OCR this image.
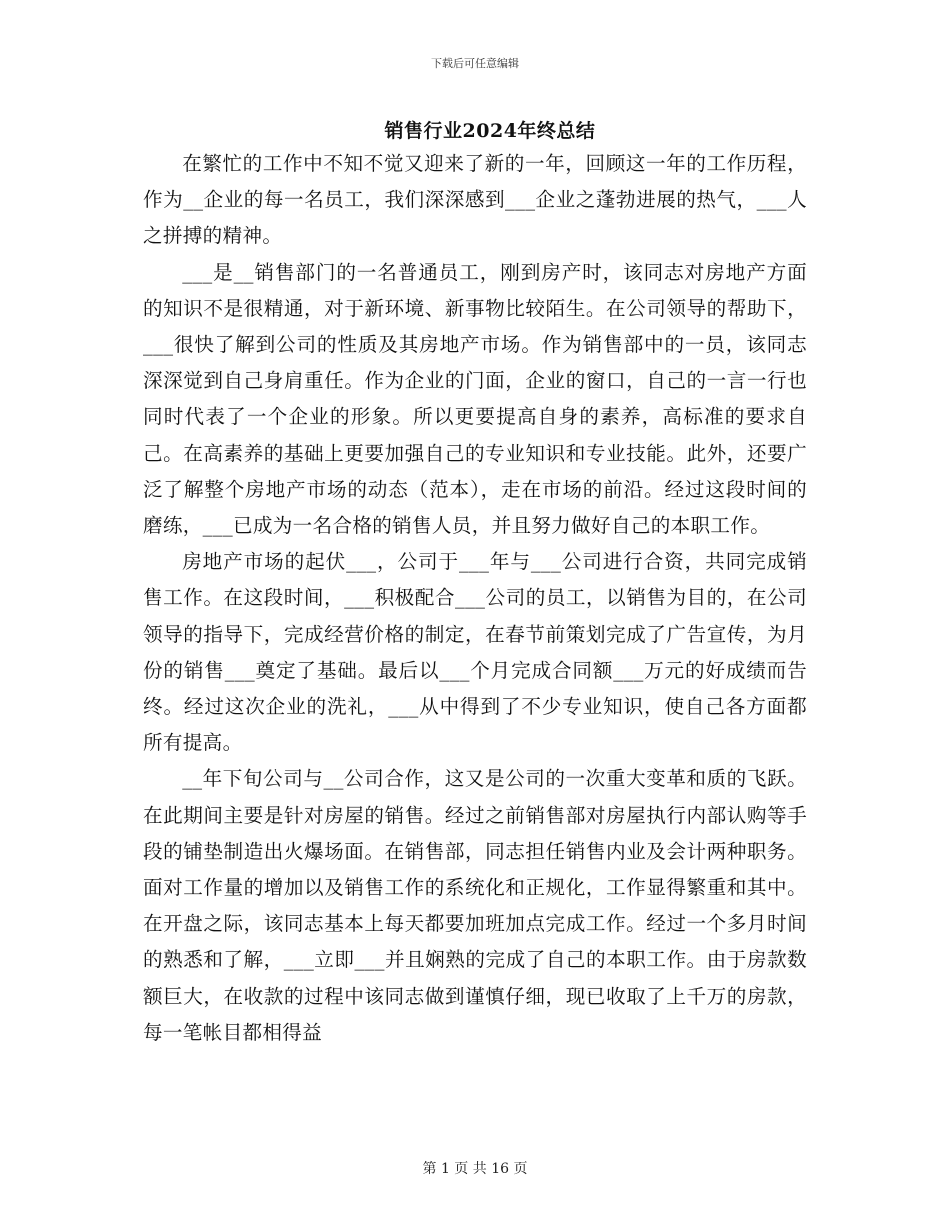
下载后可任意编辑
销售行业2024年终总结

在繁忙的工作中不知不觉又迎来了新的一年，回顾这一年的工作历程，作为__企业的每一名员工，我们深深感到___企业之蓬勃进展的热气，___人之拼搏的精神。

___是__销售部门的一名普通员工，刚到房产时，该同志对房地产方面的知识不是很精通，对于新环境、新事物比较陌生。在公司领导的帮助下，___很快了解到公司的性质及其房地产市场。作为销售部中的一员，该同志深深觉到自己身肩重任。作为企业的门面，企业的窗口，自己的一言一行也同时代表了一个企业的形象。所以更要提高自身的素养，高标准的要求自己。在高素养的基础上更要加强自己的专业知识和专业技能。此外，还要广泛了解整个房地产市场的动态（范本），走在市场的前沿。经过这段时间的磨练，___已成为一名合格的销售人员，并且努力做好自己的本职工作。

房地产市场的起伏___，公司于___年与___公司进行合资，共同完成销售工作。在这段时间，___积极配合___公司的员工，以销售为目的，在公司领导的指导下，完成经营价格的制定，在春节前策划完成了广告宣传，为月份的销售___奠定了基础。最后以___个月完成合同额___万元的好成绩而告终。经过这次企业的洗礼，___从中得到了不少专业知识，使自己各方面都所有提高。

__年下旬公司与__公司合作，这又是公司的一次重大变革和质的飞跃。在此期间主要是针对房屋的销售。经过之前销售部对房屋执行内部认购等手段的铺垫制造出火爆场面。在销售部，同志担任销售内业及会计两种职务。面对工作量的增加以及销售工作的系统化和正规化，工作显得繁重和其中。在开盘之际，该同志基本上每天都要加班加点完成工作。经过一个多月时间的熟悉和了解，___立即___并且娴熟的完成了自己的本职工作。由于房款数额巨大，在收款的过程中该同志做到谨慎仔细，现已收取了上千万的房款，每一笔帐目都相得益

第 1 页 共 16 页
